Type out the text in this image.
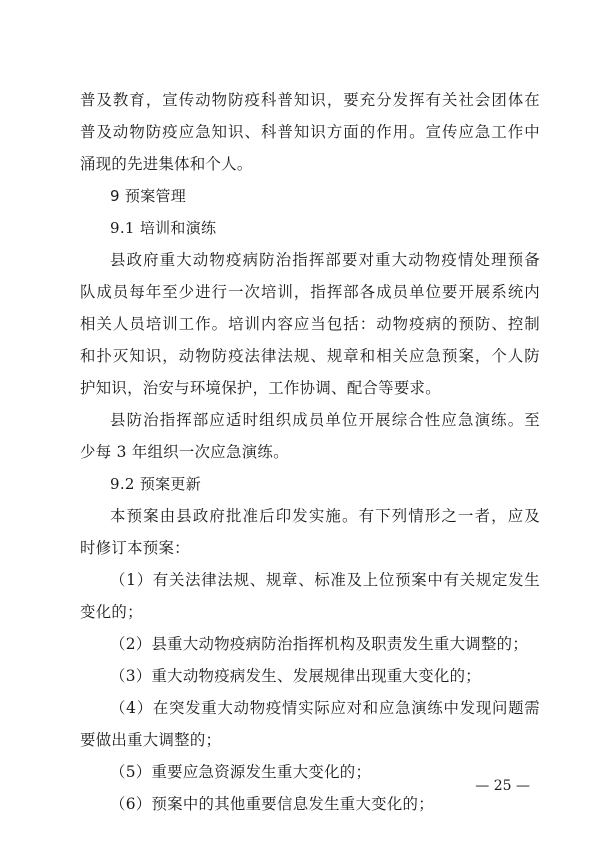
普及教育，宣传动物防疫科普知识，要充分发挥有关社会团体在
普及动物防疫应急知识、科普知识方面的作用。宣传应急工作中
涌现的先进集体和个人。
9 预案管理
9.1 培训和演练
县政府重大动物疫病防治指挥部要对重大动物疫情处理预备
队成员每年至少进行一次培训，指挥部各成员单位要开展系统内
相关人员培训工作。培训内容应当包括：动物疫病的预防、控制
和扑灭知识，动物防疫法律法规、规章和相关应急预案，个人防
护知识，治安与环境保护，工作协调、配合等要求。
县防治指挥部应适时组织成员单位开展综合性应急演练。至
少每 3 年组织一次应急演练。
9.2 预案更新
本预案由县政府批准后印发实施。有下列情形之一者，应及
时修订本预案：
（1）有关法律法规、规章、标准及上位预案中有关规定发生
变化的；
（2）县重大动物疫病防治指挥机构及职责发生重大调整的；
（3）重大动物疫病发生、发展规律出现重大变化的；
（4）在突发重大动物疫情实际应对和应急演练中发现问题需
要做出重大调整的；
（5）重要应急资源发生重大变化的；
（6）预案中的其他重要信息发生重大变化的；
— 25 —
